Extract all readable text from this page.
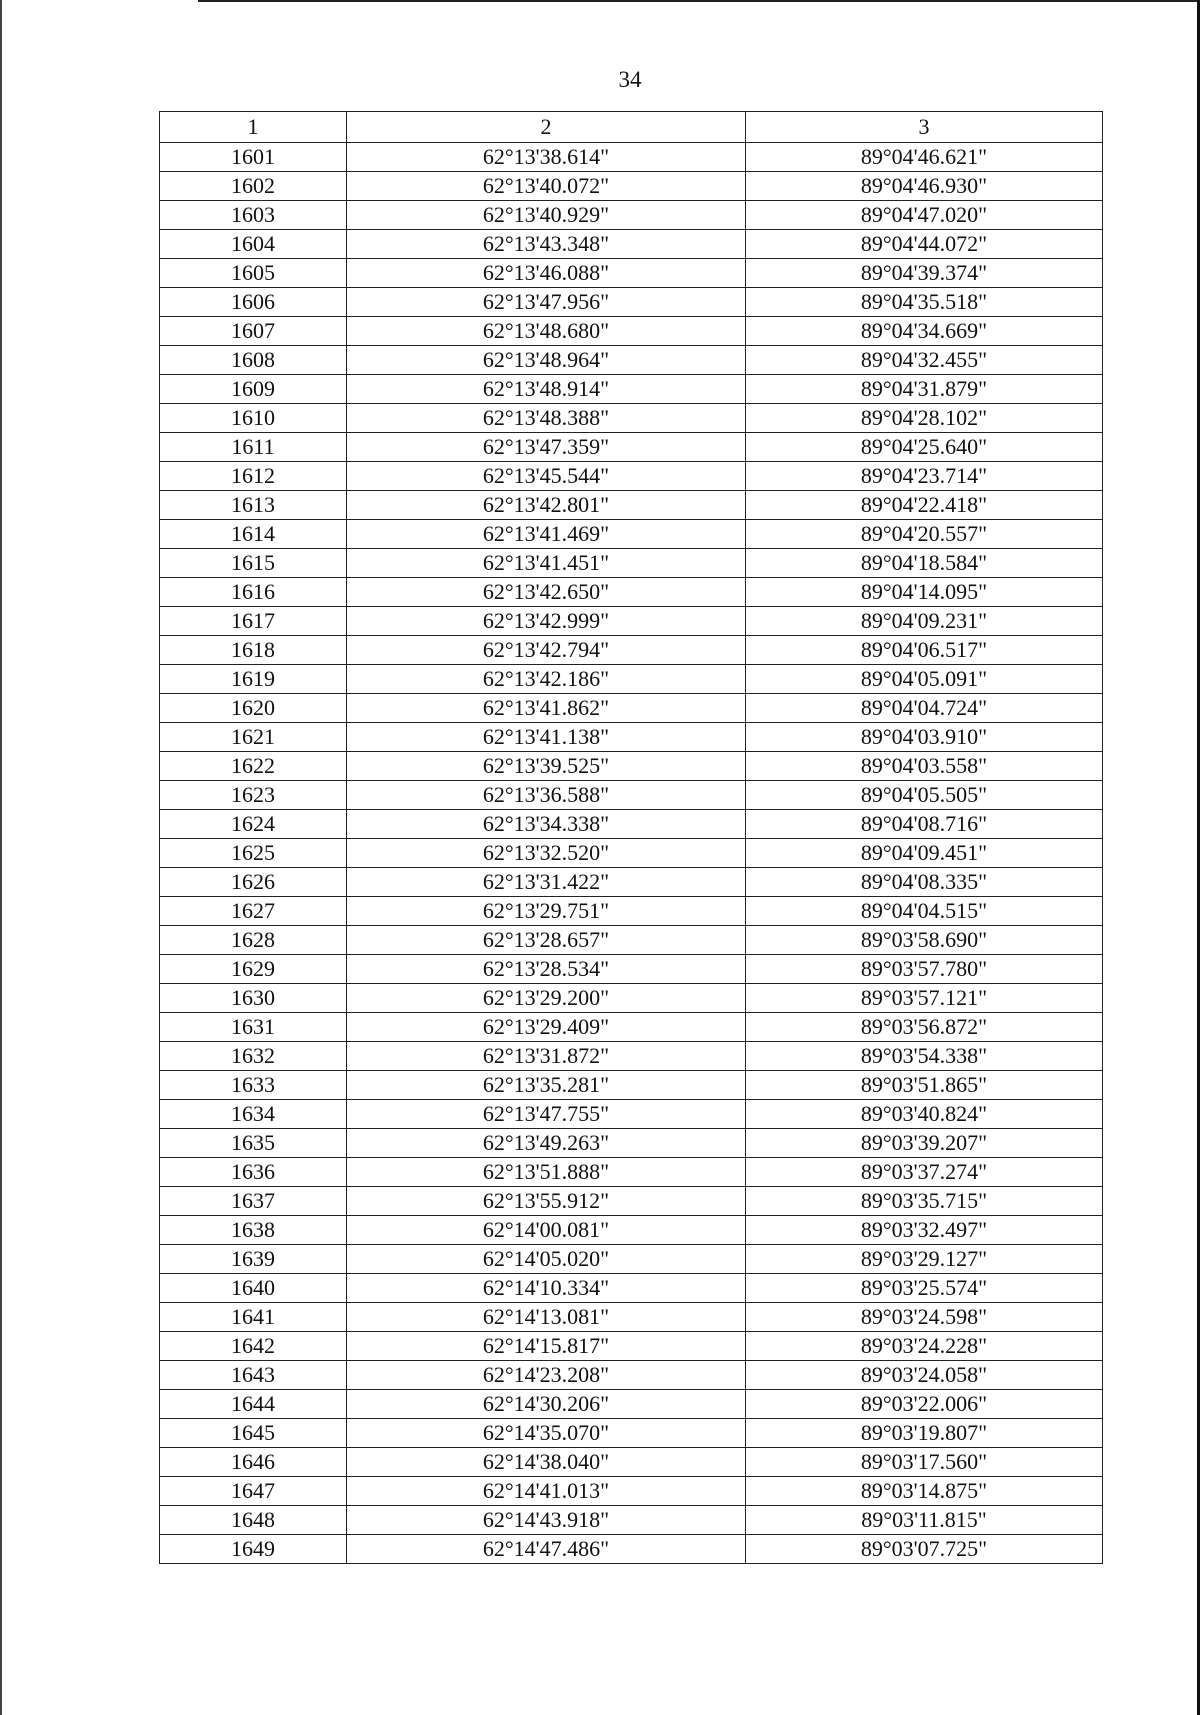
34
1	2	3
1601	62°13'38.614"	89°04'46.621"
1602	62°13'40.072"	89°04'46.930"
1603	62°13'40.929"	89°04'47.020"
1604	62°13'43.348"	89°04'44.072"
1605	62°13'46.088"	89°04'39.374"
1606	62°13'47.956"	89°04'35.518"
1607	62°13'48.680"	89°04'34.669"
1608	62°13'48.964"	89°04'32.455"
1609	62°13'48.914"	89°04'31.879"
1610	62°13'48.388"	89°04'28.102"
1611	62°13'47.359"	89°04'25.640"
1612	62°13'45.544"	89°04'23.714"
1613	62°13'42.801"	89°04'22.418"
1614	62°13'41.469"	89°04'20.557"
1615	62°13'41.451"	89°04'18.584"
1616	62°13'42.650"	89°04'14.095"
1617	62°13'42.999"	89°04'09.231"
1618	62°13'42.794"	89°04'06.517"
1619	62°13'42.186"	89°04'05.091"
1620	62°13'41.862"	89°04'04.724"
1621	62°13'41.138"	89°04'03.910"
1622	62°13'39.525"	89°04'03.558"
1623	62°13'36.588"	89°04'05.505"
1624	62°13'34.338"	89°04'08.716"
1625	62°13'32.520"	89°04'09.451"
1626	62°13'31.422"	89°04'08.335"
1627	62°13'29.751"	89°04'04.515"
1628	62°13'28.657"	89°03'58.690"
1629	62°13'28.534"	89°03'57.780"
1630	62°13'29.200"	89°03'57.121"
1631	62°13'29.409"	89°03'56.872"
1632	62°13'31.872"	89°03'54.338"
1633	62°13'35.281"	89°03'51.865"
1634	62°13'47.755"	89°03'40.824"
1635	62°13'49.263"	89°03'39.207"
1636	62°13'51.888"	89°03'37.274"
1637	62°13'55.912"	89°03'35.715"
1638	62°14'00.081"	89°03'32.497"
1639	62°14'05.020"	89°03'29.127"
1640	62°14'10.334"	89°03'25.574"
1641	62°14'13.081"	89°03'24.598"
1642	62°14'15.817"	89°03'24.228"
1643	62°14'23.208"	89°03'24.058"
1644	62°14'30.206"	89°03'22.006"
1645	62°14'35.070"	89°03'19.807"
1646	62°14'38.040"	89°03'17.560"
1647	62°14'41.013"	89°03'14.875"
1648	62°14'43.918"	89°03'11.815"
1649	62°14'47.486"	89°03'07.725"
